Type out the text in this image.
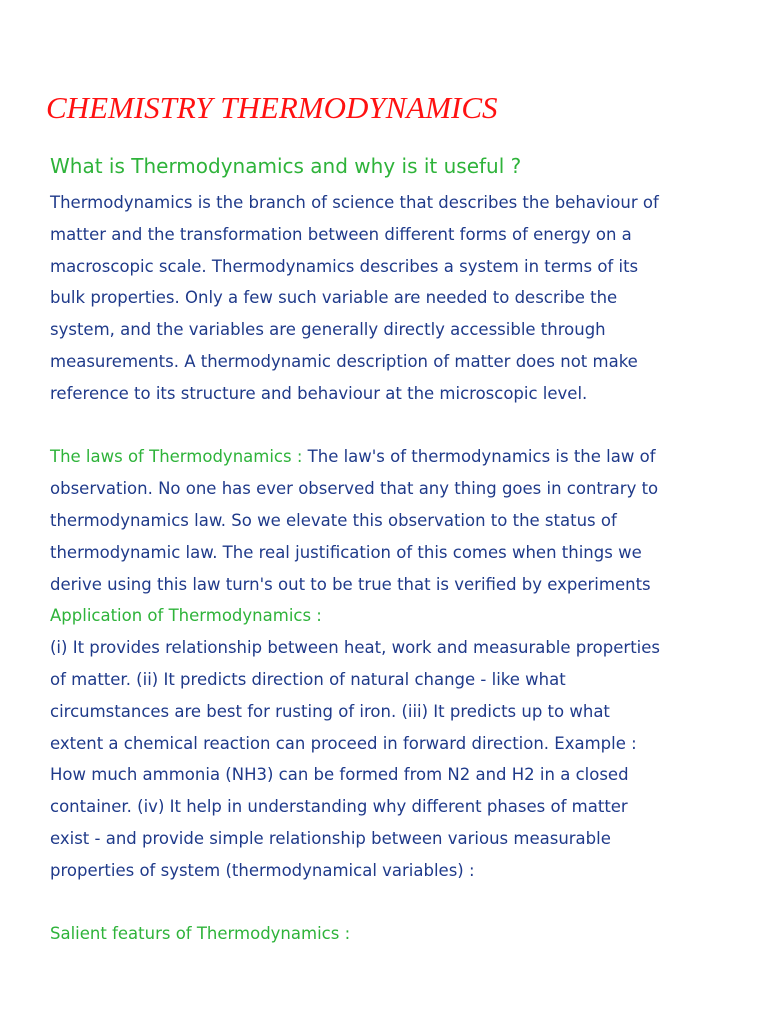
CHEMISTRY THERMODYNAMICS
What is Thermodynamics and why is it useful ?
Thermodynamics is the branch of science that describes the behaviour of
matter and the transformation between different forms of energy on a
macroscopic scale. Thermodynamics describes a system in terms of its
bulk properties. Only a few such variable are needed to describe the
system, and the variables are generally directly accessible through
measurements. A thermodynamic description of matter does not make
reference to its structure and behaviour at the microscopic level.
The laws of Thermodynamics : The law's of thermodynamics is the law of
observation. No one has ever observed that any thing goes in contrary to
thermodynamics law. So we elevate this observation to the status of
thermodynamic law. The real justification of this comes when things we
derive using this law turn's out to be true that is verified by experiments
Application of Thermodynamics :
(i) It provides relationship between heat, work and measurable properties
of matter. (ii) It predicts direction of natural change - like what
circumstances are best for rusting of iron. (iii) It predicts up to what
extent a chemical reaction can proceed in forward direction. Example :
How much ammonia (NH3) can be formed from N2 and H2 in a closed
container. (iv) It help in understanding why different phases of matter
exist - and provide simple relationship between various measurable
properties of system (thermodynamical variables) :
Salient featurs of Thermodynamics :
